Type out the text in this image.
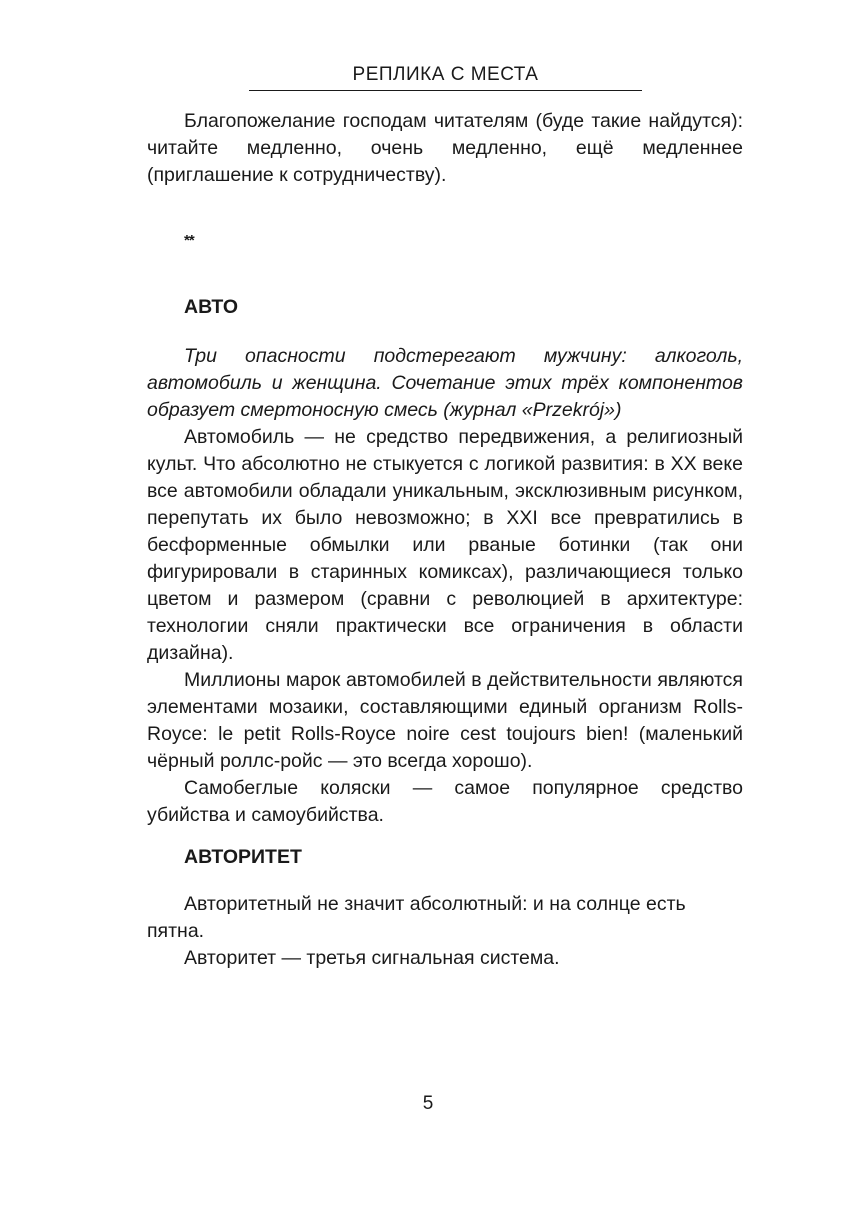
РЕПЛИКА С МЕСТА

Благопожелание господам читателям (буде такие найдутся): читайте медленно, очень медленно, ещё медленнее (приглашение к сотрудничеству).

**
АВТО

Три опасности подстерегают мужчину: алкоголь, автомобиль и женщина. Сочетание этих трёх компонентов образует смертоносную смесь (журнал «Przekrój»)

Автомобиль — не средство передвижения, а религиозный культ. Что абсолютно не стыкуется с логикой развития: в XX веке все автомобили обладали уникальным, эксклюзивным рисунком, перепутать их было невозможно; в XXI все превратились в бесформенные обмылки или рваные ботинки (так они фигурировали в старинных комиксах), различающиеся только цветом и размером (сравни с революцией в архитектуре: технологии сняли практически все ограничения в области дизайна).

Миллионы марок автомобилей в действительности являются элементами мозаики, составляющими единый организм Rolls-Royce: le petit Rolls-Royce noire cest toujours bien! (маленький чёрный роллс-ройс — это всегда хорошо).

Самобеглые коляски — самое популярное средство убийства и самоубийства.

АВТОРИТЕТ

Авторитетный не значит абсолютный: и на солнце есть пятна.

Авторитет — третья сигнальная система.

5
